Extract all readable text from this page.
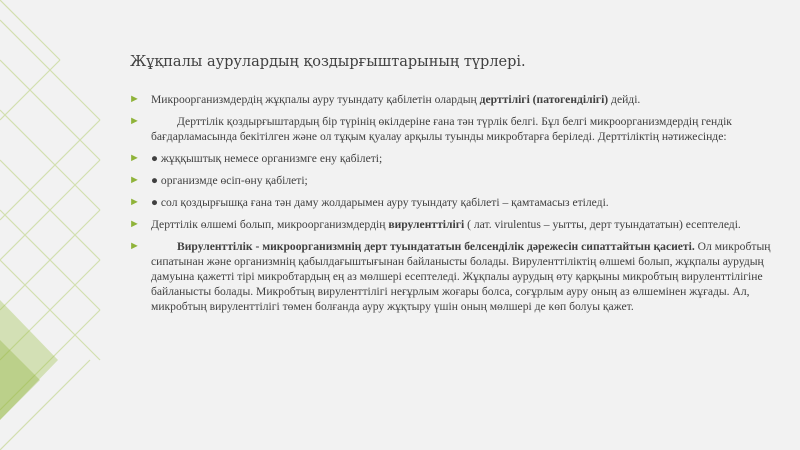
Жұқпалы аурулардың қоздырғыштарының түрлері.
► Микроорганизмдердің жұқпалы ауру туындату қабілетін олардың дерттілігі (патогенділігі) дейді.
►	Дерттілік қоздырғыштардың бір түрінің өкілдеріне ғана тән түрлік белгі. Бұл белгі микроорганизмдердің гендік бағдарламасында бекітілген және ол тұқым қуалау арқылы туынды микробтарға беріледі. Дерттіліктің нәтижесінде:
► ● жұққыштық немесе организмге ену қабілеті;
► ● организмде өсіп-өну қабілеті;
► ● сол қоздырғышқа ғана тән даму жолдарымен ауру туындату қабілеті – қамтамасыз етіледі.
► Дерттілік өлшемі болып, микроорганизмдердің вируленттілігі ( лат. virulentus – уытты, дерт туындататын) есептеледі.
►	Вируленттілік - микроорганизмнің дерт туындататын белсенділік дәрежесін сипаттайтын қасиеті. Ол микробтың сипатынан және организмнің қабылдағыштығынан байланысты болады. Вируленттіліктің өлшемі болып, жұқпалы аурудың дамуына қажетті тірі микробтардың ең аз мөлшері есептеледі. Жұқпалы аурудың өту қарқыны микробтың вируленттілігіне байланысты болады. Микробтың вируленттілігі неғұрлым жоғары болса, соғұрлым ауру оның аз өлшемінен жұғады. Ал, микробтың вируленттілігі төмен болғанда ауру жұқтыру үшін оның мөлшері де көп болуы қажет.
